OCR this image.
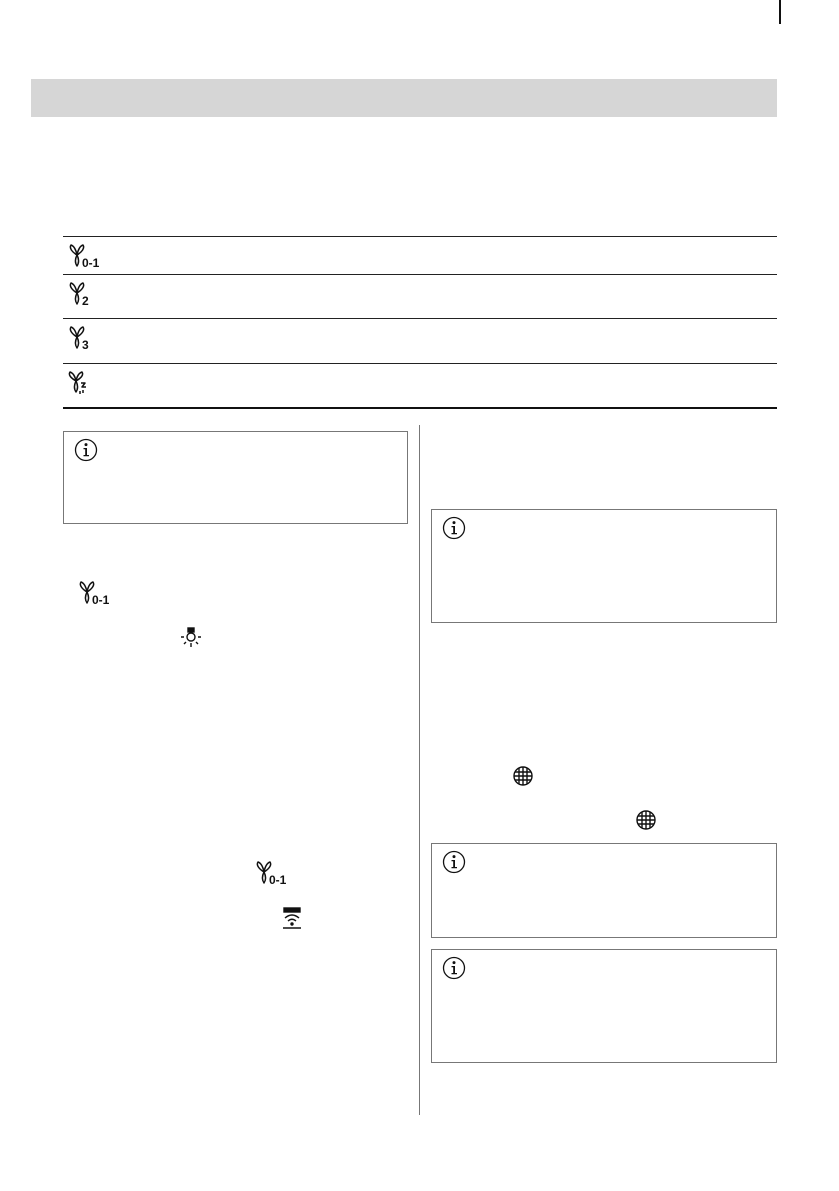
0-1
2
3
0-1
0-1
